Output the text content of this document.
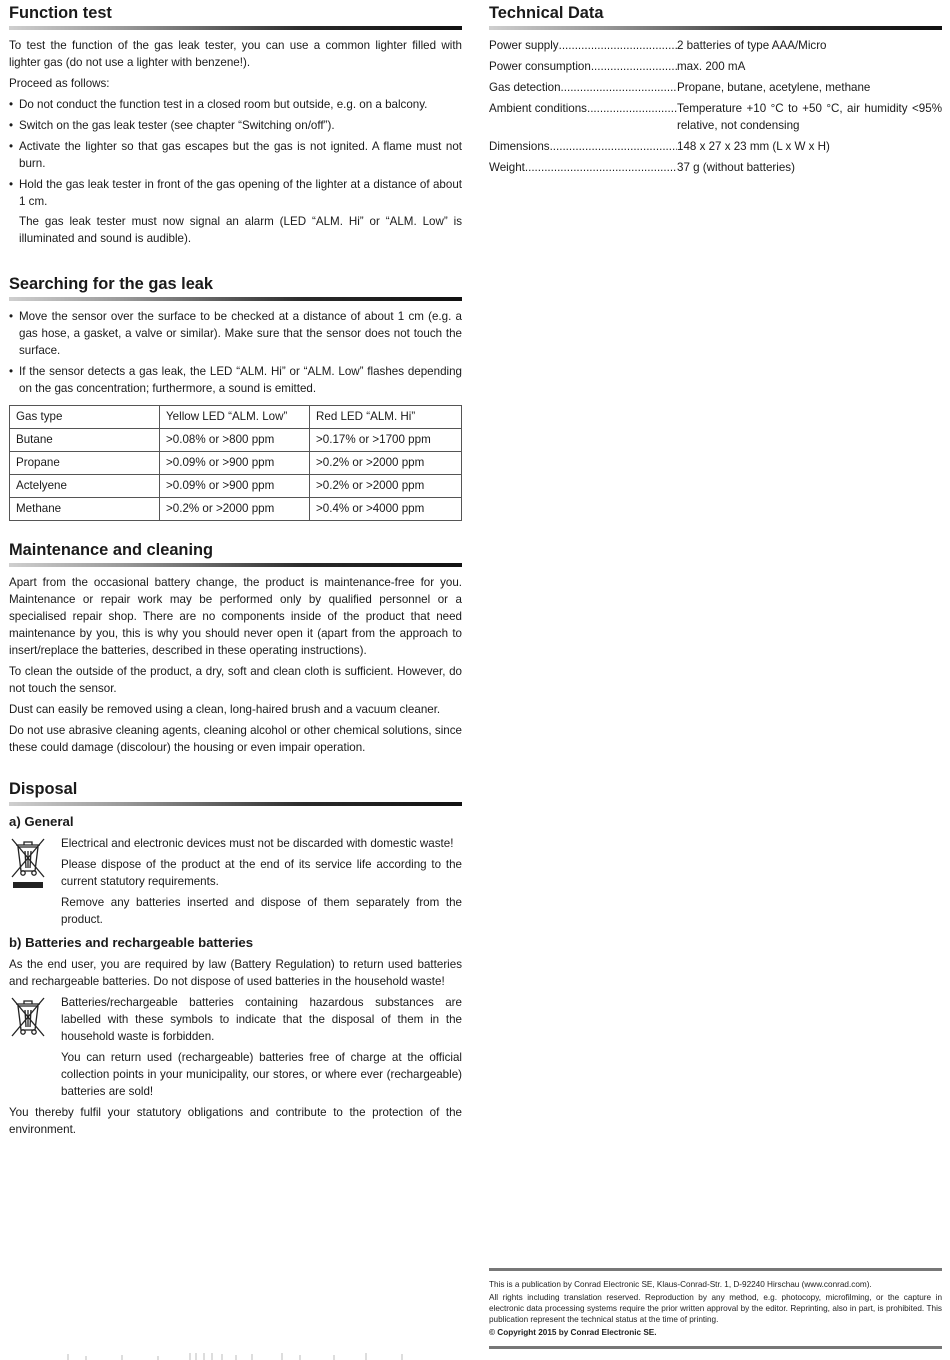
Function test

To test the function of the gas leak tester, you can use a common lighter filled with lighter gas (do not use a lighter with benzene!).

Proceed as follows:

• Do not conduct the function test in a closed room but outside, e.g. on a balcony.
• Switch on the gas leak tester (see chapter “Switching on/off”).
• Activate the lighter so that gas escapes but the gas is not ignited. A flame must not burn.
• Hold the gas leak tester in front of the gas opening of the lighter at a distance of about 1 cm.

The gas leak tester must now signal an alarm (LED “ALM. Hi” or “ALM. Low” is illuminated and sound is audible).

Searching for the gas leak
• Move the sensor over the surface to be checked at a distance of about 1 cm (e.g. a gas hose, a gasket, a valve or similar). Make sure that the sensor does not touch the surface.
• If the sensor detects a gas leak, the LED “ALM. Hi” or “ALM. Low” flashes depending on the gas concentration; furthermore, a sound is emitted.
Gas type	Yellow LED “ALM. Low”	Red LED “ALM. Hi”
Butane	>0.08% or >800 ppm	>0.17% or >1700 ppm
Propane	>0.09% or >900 ppm	>0.2% or >2000 ppm
Actelyene	>0.09% or >900 ppm	>0.2% or >2000 ppm
Methane	>0.2% or >2000 ppm	>0.4% or >4000 ppm
Maintenance and cleaning

Apart from the occasional battery change, the product is maintenance-free for you. Maintenance or repair work may be performed only by qualified personnel or a specialised repair shop. There are no components inside of the product that need maintenance by you, this is why you should never open it (apart from the approach to insert/replace the batteries, described in these operating instructions).

To clean the outside of the product, a dry, soft and clean cloth is sufficient. However, do not touch the sensor.

Dust can easily be removed using a clean, long-haired brush and a vacuum cleaner.

Do not use abrasive cleaning agents, cleaning alcohol or other chemical solutions, since these could damage (discolour) the housing or even impair operation.

Disposal
a) General

Electrical and electronic devices must not be discarded with domestic waste!

Please dispose of the product at the end of its service life according to the current statutory requirements.

Remove any batteries inserted and dispose of them separately from the product.

b) Batteries and rechargeable batteries

As the end user, you are required by law (Battery Regulation) to return used batteries and rechargeable batteries. Do not dispose of used batteries in the household waste!

Batteries/rechargeable batteries containing hazardous substances are labelled with these symbols to indicate that the disposal of them in the household waste is forbidden.

You can return used (rechargeable) batteries free of charge at the official collection points in your municipality, our stores, or where ever (rechargeable) batteries are sold!

You thereby fulfil your statutory obligations and contribute to the protection of the environment.

Technical Data
Power supply .....	2 batteries of type AAA/Micro
Power consumption .....	max. 200 mA
Gas detection .....	Propane, butane, acetylene, methane
Ambient conditions .....	Temperature +10 °C to +50 °C, air humidity <95% relative, not condensing
Dimensions .....	148 x 27 x 23 mm (L x W x H)
Weight .....	37 g (without batteries)

This is a publication by Conrad Electronic SE, Klaus-Conrad-Str. 1, D-92240 Hirschau (www.conrad.com).

All rights including translation reserved. Reproduction by any method, e.g. photocopy, microfilming, or the capture in electronic data processing systems require the prior written approval by the editor. Reprinting, also in part, is prohibited. This publication represent the technical status at the time of printing.

© Copyright 2015 by Conrad Electronic SE.
